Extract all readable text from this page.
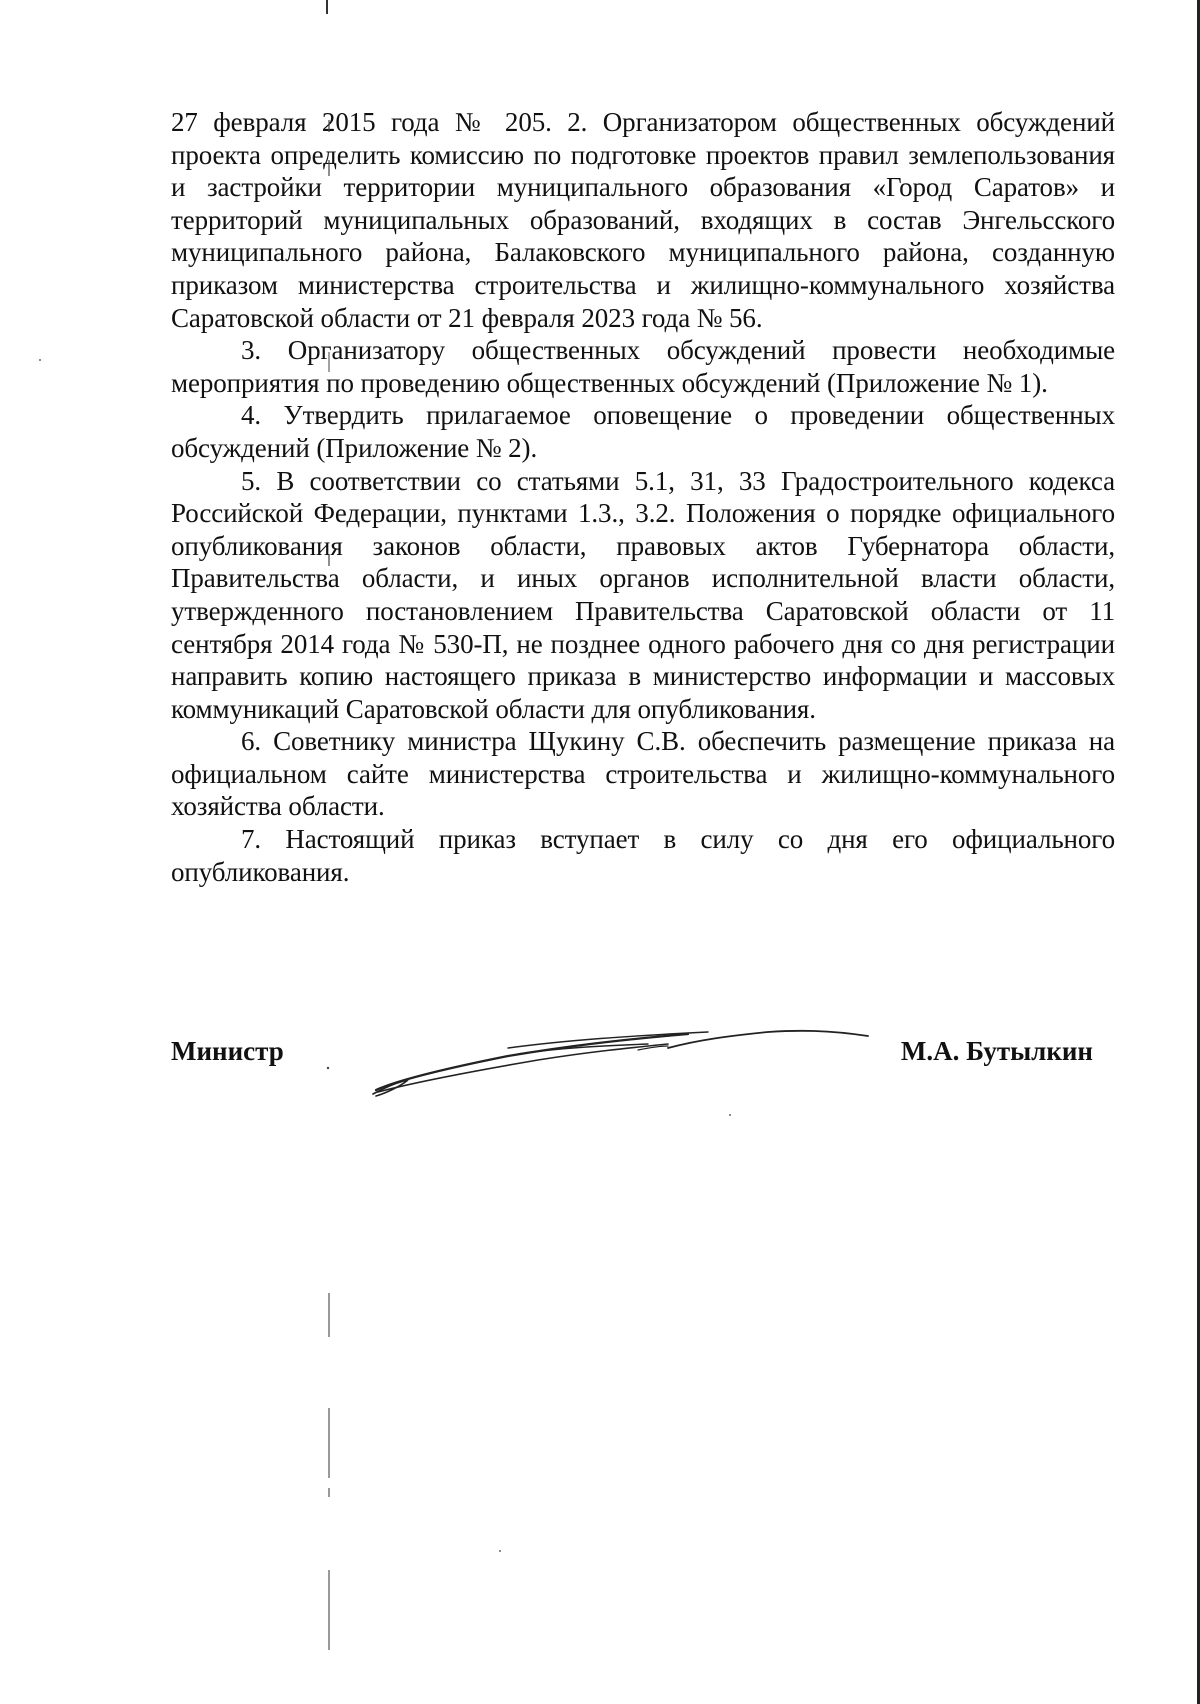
27 февраля 2015 года № 205. 2. Организатором общественных обсуждений проекта определить комиссию по подготовке проектов правил землепользования и застройки территории муниципального образования «Город Саратов» и территорий муниципальных образований, входящих в состав Энгельсского муниципального района, Балаковского муниципального района, созданную приказом министерства строительства и жилищно-коммунального хозяйства Саратовской области от 21 февраля 2023 года № 56.

3. Организатору общественных обсуждений провести необходимые мероприятия по проведению общественных обсуждений (Приложение № 1).

4. Утвердить прилагаемое оповещение о проведении общественных обсуждений (Приложение № 2).

5. В соответствии со статьями 5.1, 31, 33 Градостроительного кодекса Российской Федерации, пунктами 1.3., 3.2. Положения о порядке официального опубликования законов области, правовых актов Губернатора области, Правительства области, и иных органов исполнительной власти области, утвержденного постановлением Правительства Саратовской области от 11 сентября 2014 года № 530-П, не позднее одного рабочего дня со дня регистрации направить копию настоящего приказа в министерство информации и массовых коммуникаций Саратовской области для опубликования.

6. Советнику министра Щукину С.В. обеспечить размещение приказа на официальном сайте министерства строительства и жилищно-коммунального хозяйства области.

7. Настоящий приказ вступает в силу со дня его официального опубликования.

Министр	М.А. Бутылкин
